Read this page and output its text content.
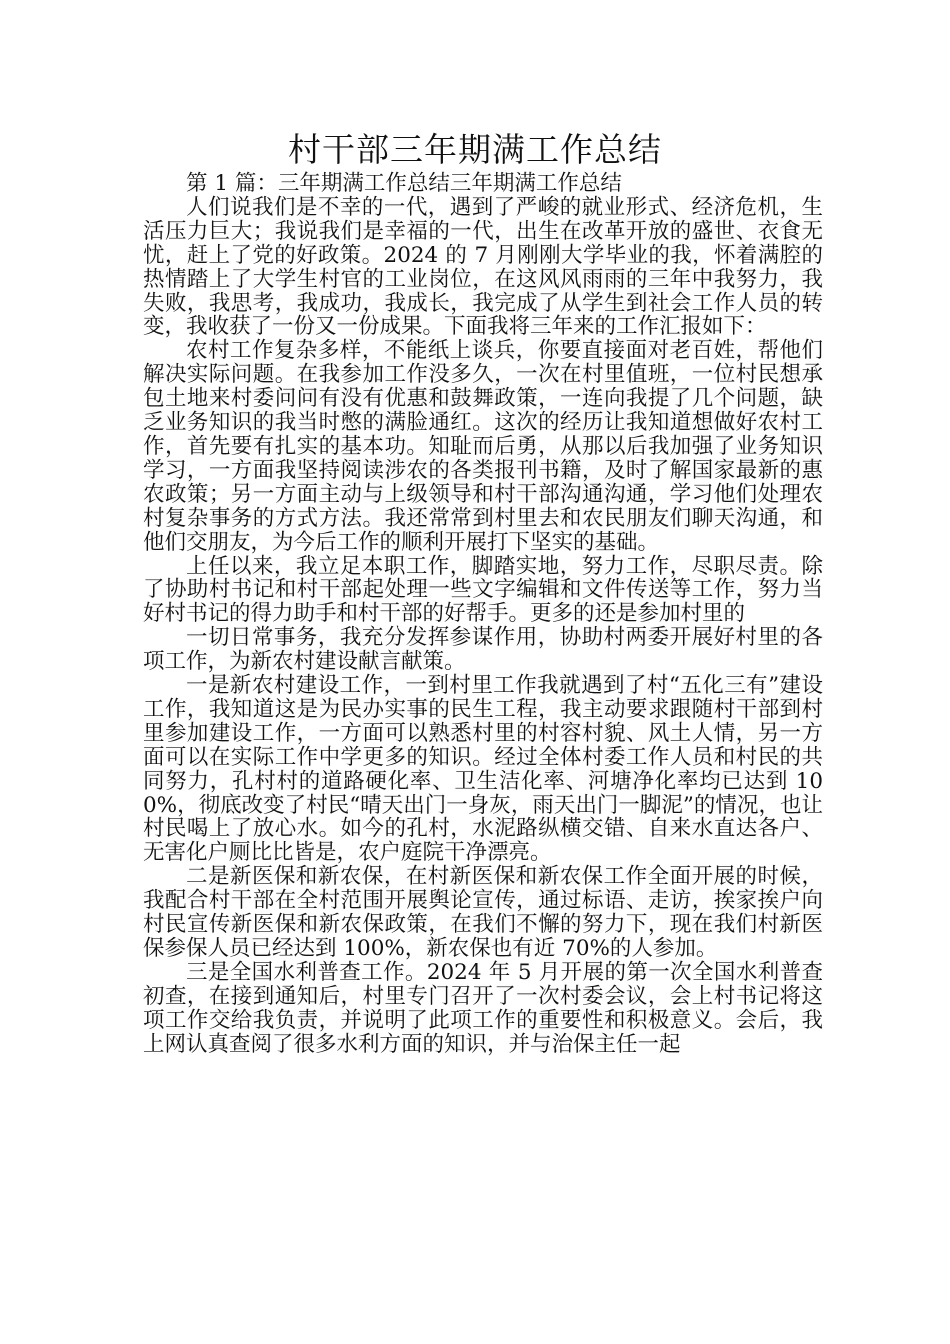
村干部三年期满工作总结

第 1 篇：三年期满工作总结三年期满工作总结

人们说我们是不幸的一代，遇到了严峻的就业形式、经济危机，生活压力巨大；我说我们是幸福的一代，出生在改革开放的盛世、衣食无忧，赶上了党的好政策。2024 的 7 月刚刚大学毕业的我，怀着满腔的热情踏上了大学生村官的工业岗位，在这风风雨雨的三年中我努力，我失败，我思考，我成功，我成长，我完成了从学生到社会工作人员的转变，我收获了一份又一份成果。下面我将三年来的工作汇报如下：

农村工作复杂多样，不能纸上谈兵，你要直接面对老百姓，帮他们解决实际问题。在我参加工作没多久，一次在村里值班，一位村民想承包土地来村委问问有没有优惠和鼓舞政策，一连向我提了几个问题，缺乏业务知识的我当时憋的满脸通红。这次的经历让我知道想做好农村工作，首先要有扎实的基本功。知耻而后勇，从那以后我加强了业务知识学习，一方面我坚持阅读涉农的各类报刊书籍，及时了解国家最新的惠农政策；另一方面主动与上级领导和村干部沟通沟通，学习他们处理农村复杂事务的方式方法。我还常常到村里去和农民朋友们聊天沟通，和他们交朋友，为今后工作的顺利开展打下坚实的基础。

上任以来，我立足本职工作，脚踏实地，努力工作，尽职尽责。除了协助村书记和村干部起处理一些文字编辑和文件传送等工作，努力当好村书记的得力助手和村干部的好帮手。更多的还是参加村里的

一切日常事务，我充分发挥参谋作用，协助村两委开展好村里的各项工作，为新农村建设献言献策。

一是新农村建设工作，一到村里工作我就遇到了村“五化三有”建设工作，我知道这是为民办实事的民生工程，我主动要求跟随村干部到村里参加建设工作，一方面可以熟悉村里的村容村貌、风土人情，另一方面可以在实际工作中学更多的知识。经过全体村委工作人员和村民的共同努力，孔村村的道路硬化率、卫生洁化率、河塘净化率均已达到 100%，彻底改变了村民“晴天出门一身灰，雨天出门一脚泥”的情况，也让村民喝上了放心水。如今的孔村，水泥路纵横交错、自来水直达各户、无害化户厕比比皆是，农户庭院干净漂亮。

二是新医保和新农保，在村新医保和新农保工作全面开展的时候，我配合村干部在全村范围开展舆论宣传，通过标语、走访，挨家挨户向村民宣传新医保和新农保政策，在我们不懈的努力下，现在我们村新医保参保人员已经达到 100%，新农保也有近 70%的人参加。

三是全国水利普查工作。2024 年 5 月开展的第一次全国水利普查初查，在接到通知后，村里专门召开了一次村委会议，会上村书记将这项工作交给我负责，并说明了此项工作的重要性和积极意义。会后，我上网认真查阅了很多水利方面的知识，并与治保主任一起
